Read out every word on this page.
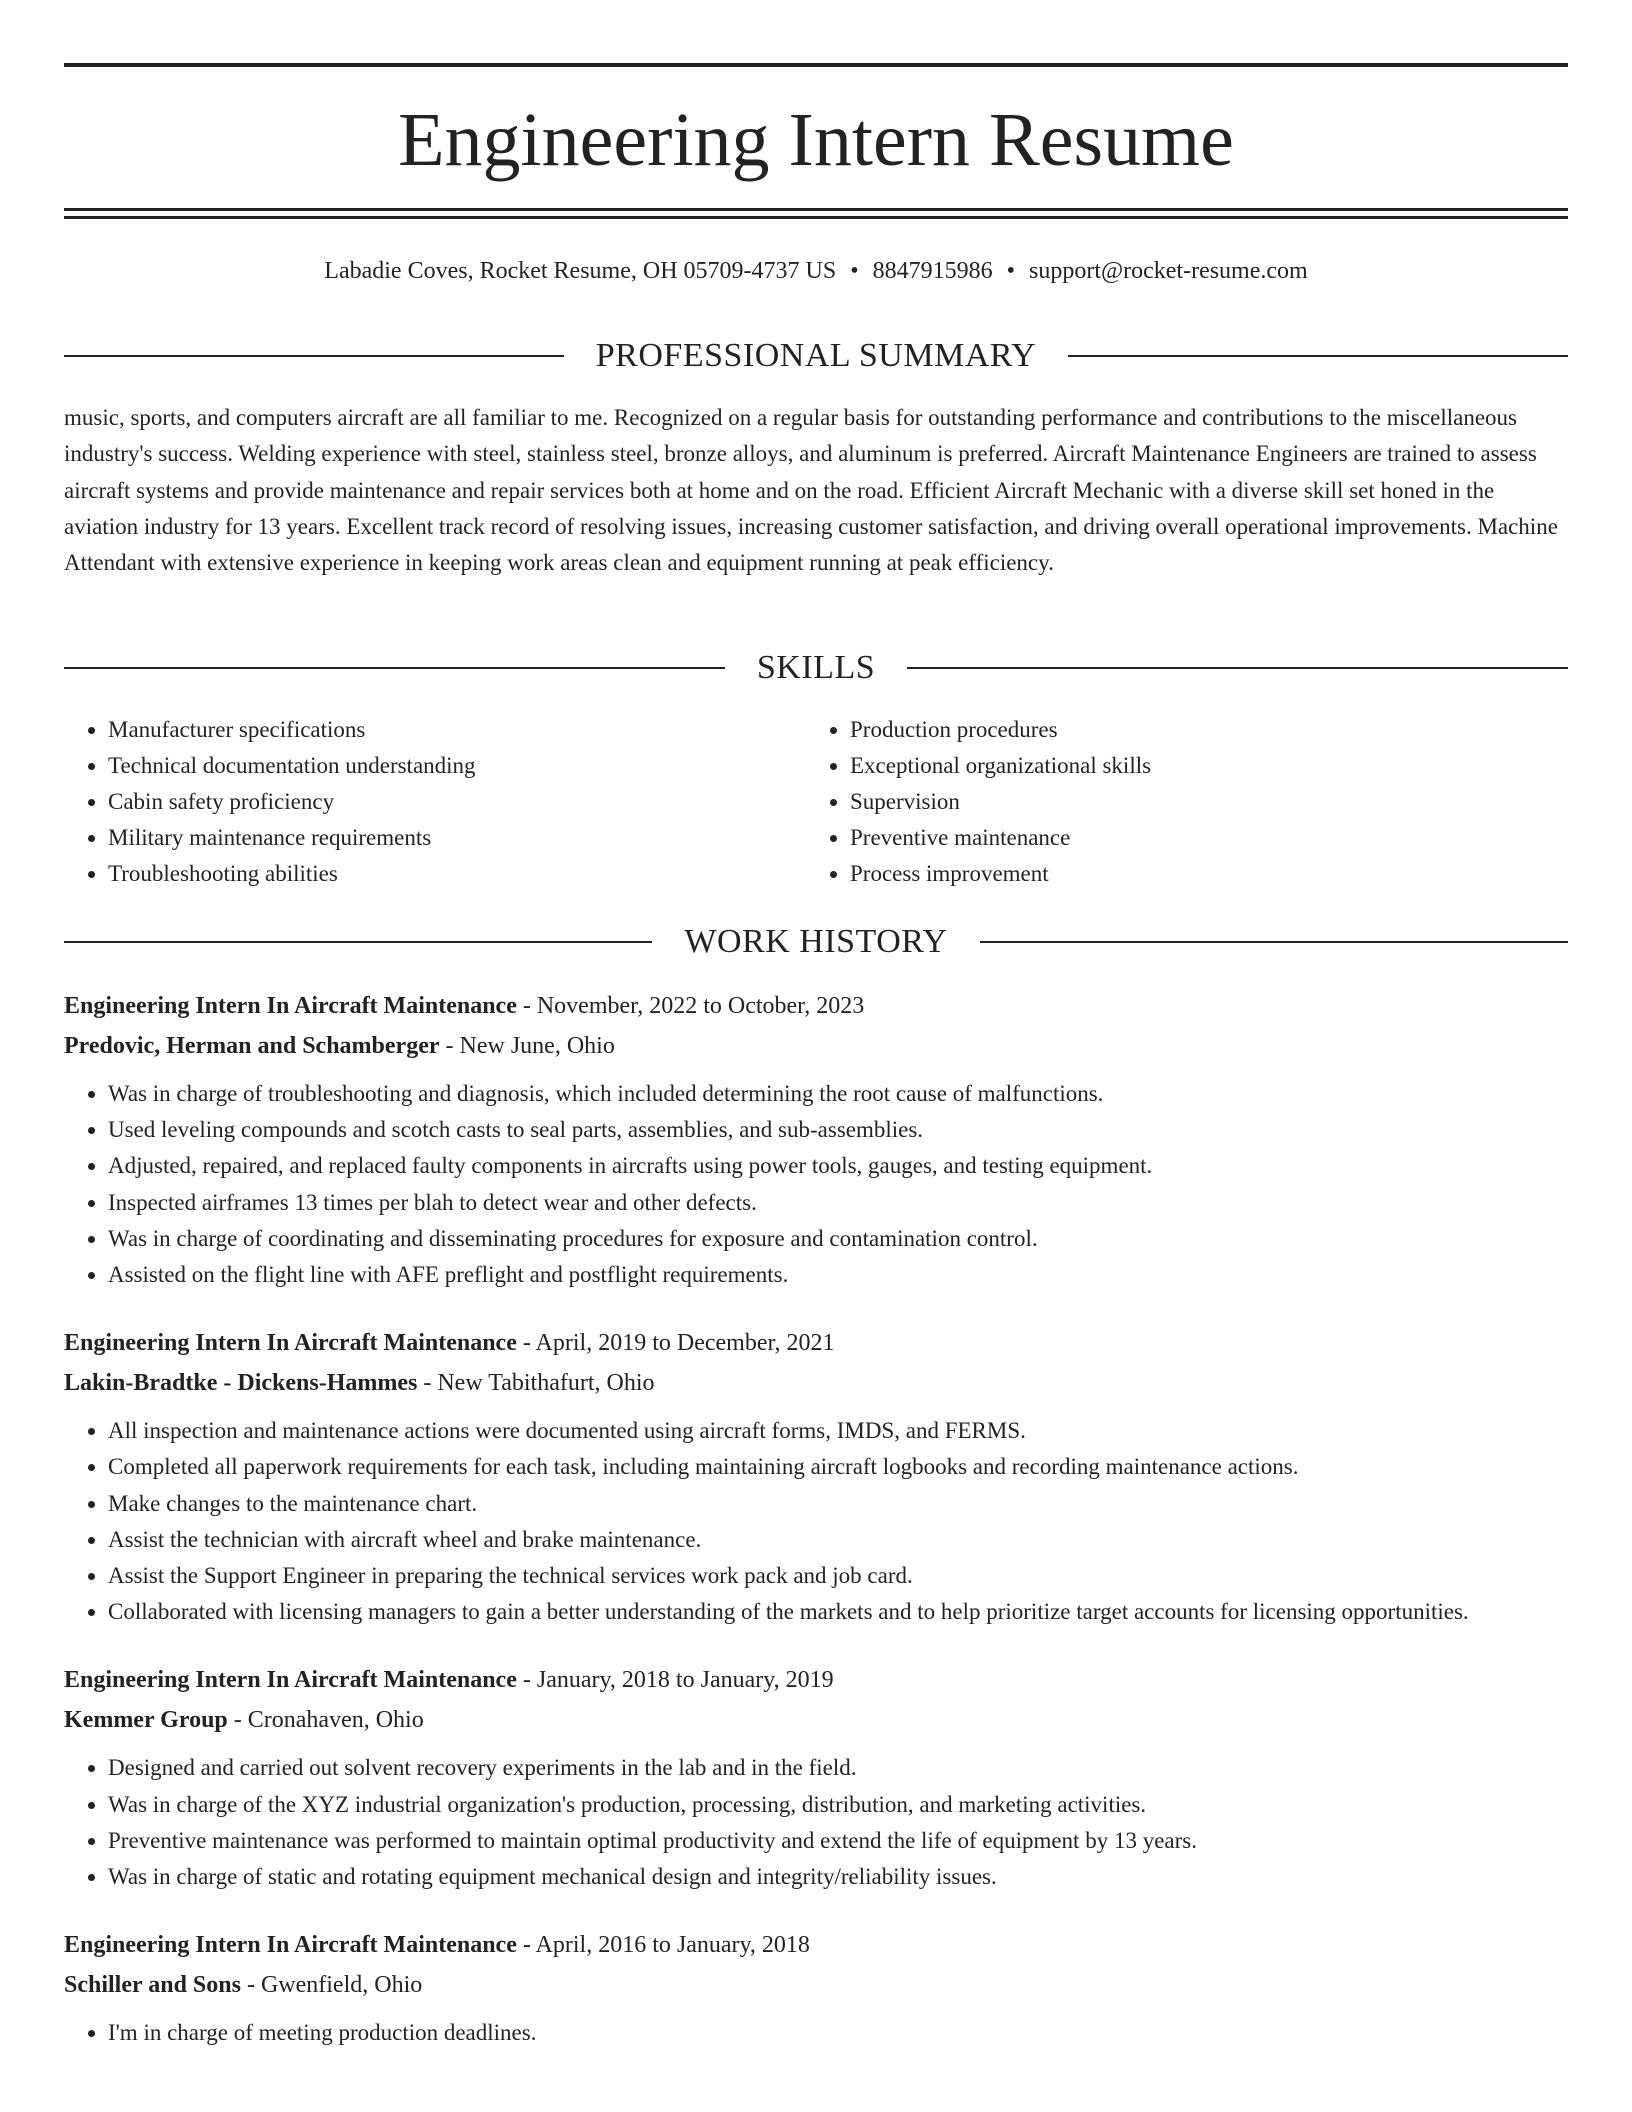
Engineering Intern Resume
Labadie Coves, Rocket Resume, OH 05709-4737 US • 8847915986 • support@rocket-resume.com
PROFESSIONAL SUMMARY

music, sports, and computers aircraft are all familiar to me. Recognized on a regular basis for outstanding performance and contributions to the miscellaneous industry's success. Welding experience with steel, stainless steel, bronze alloys, and aluminum is preferred. Aircraft Maintenance Engineers are trained to assess aircraft systems and provide maintenance and repair services both at home and on the road. Efficient Aircraft Mechanic with a diverse skill set honed in the aviation industry for 13 years. Excellent track record of resolving issues, increasing customer satisfaction, and driving overall operational improvements. Machine Attendant with extensive experience in keeping work areas clean and equipment running at peak efficiency.

SKILLS
• Manufacturer specifications
• Technical documentation understanding
• Cabin safety proficiency
• Military maintenance requirements
• Troubleshooting abilities
• Production procedures
• Exceptional organizational skills
• Supervision
• Preventive maintenance
• Process improvement
WORK HISTORY

Engineering Intern In Aircraft Maintenance - November, 2022 to October, 2023

Predovic, Herman and Schamberger - New June, Ohio

• Was in charge of troubleshooting and diagnosis, which included determining the root cause of malfunctions.
• Used leveling compounds and scotch casts to seal parts, assemblies, and sub-assemblies.
• Adjusted, repaired, and replaced faulty components in aircrafts using power tools, gauges, and testing equipment.
• Inspected airframes 13 times per blah to detect wear and other defects.
• Was in charge of coordinating and disseminating procedures for exposure and contamination control.
• Assisted on the flight line with AFE preflight and postflight requirements.

Engineering Intern In Aircraft Maintenance - April, 2019 to December, 2021

Lakin-Bradtke - Dickens-Hammes - New Tabithafurt, Ohio

• All inspection and maintenance actions were documented using aircraft forms, IMDS, and FERMS.
• Completed all paperwork requirements for each task, including maintaining aircraft logbooks and recording maintenance actions.
• Make changes to the maintenance chart.
• Assist the technician with aircraft wheel and brake maintenance.
• Assist the Support Engineer in preparing the technical services work pack and job card.
• Collaborated with licensing managers to gain a better understanding of the markets and to help prioritize target accounts for licensing opportunities.

Engineering Intern In Aircraft Maintenance - January, 2018 to January, 2019

Kemmer Group - Cronahaven, Ohio

• Designed and carried out solvent recovery experiments in the lab and in the field.
• Was in charge of the XYZ industrial organization's production, processing, distribution, and marketing activities.
• Preventive maintenance was performed to maintain optimal productivity and extend the life of equipment by 13 years.
• Was in charge of static and rotating equipment mechanical design and integrity/reliability issues.

Engineering Intern In Aircraft Maintenance - April, 2016 to January, 2018

Schiller and Sons - Gwenfield, Ohio

• I'm in charge of meeting production deadlines.
